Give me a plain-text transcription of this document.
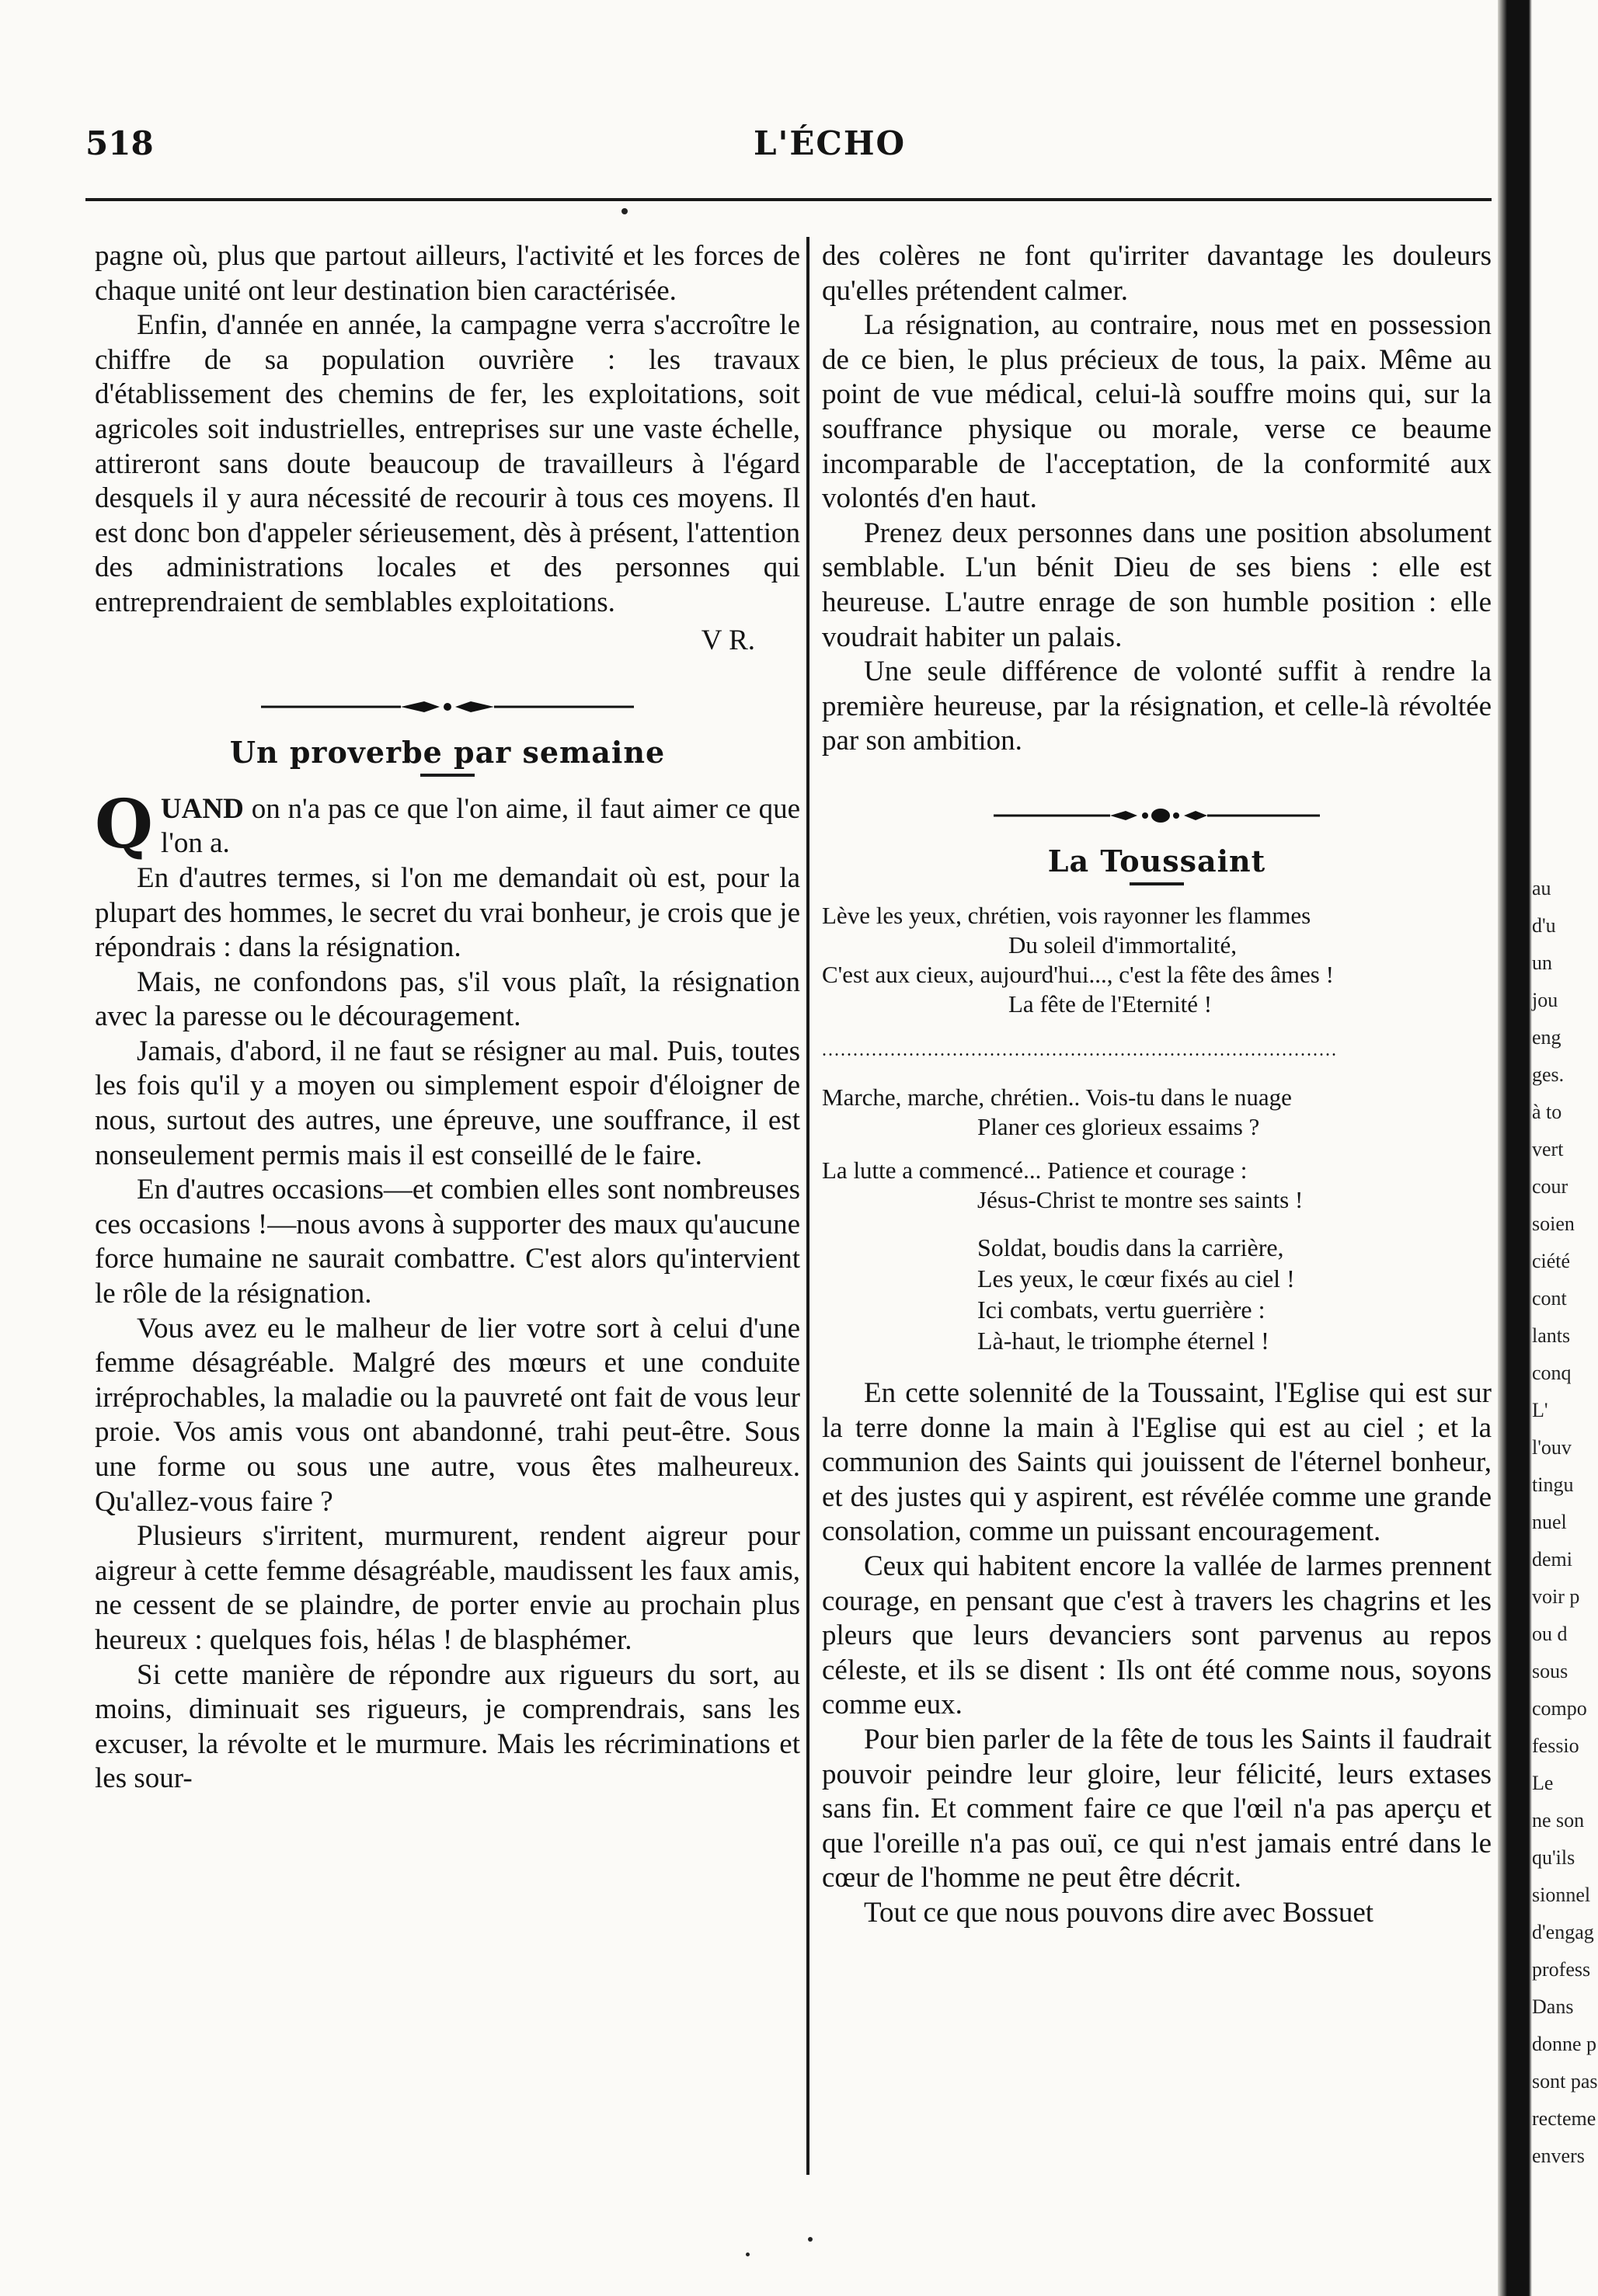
518	L'ÉCHO

pagne où, plus que partout ailleurs, l'activité et les forces de chaque unité ont leur destination bien caractérisée.

Enfin, d'année en année, la campagne verra s'accroître le chiffre de sa population ouvrière : les travaux d'établissement des chemins de fer, les exploitations, soit agricoles soit industrielles, entreprises sur une vaste échelle, attireront sans doute beaucoup de travailleurs à l'égard desquels il y aura nécessité de recourir à tous ces moyens. Il est donc bon d'appeler sérieusement, dès à présent, l'attention des administrations locales et des personnes qui entreprendraient de semblables exploitations.

V R.
Un proverbe par semaine

Q UAND on n'a pas ce que l'on aime, il faut aimer ce que l'on a.

En d'autres termes, si l'on me demandait où est, pour la plupart des hommes, le secret du vrai bonheur, je crois que je répondrais : dans la résignation.

Mais, ne confondons pas, s'il vous plaît, la résignation avec la paresse ou le découragement.

Jamais, d'abord, il ne faut se résigner au mal. Puis, toutes les fois qu'il y a moyen ou simplement espoir d'éloigner de nous, surtout des autres, une épreuve, une souffrance, il est nonseulement permis mais il est conseillé de le faire.

En d'autres occasions—et combien elles sont nombreuses ces occasions !—nous avons à supporter des maux qu'aucune force humaine ne saurait combattre. C'est alors qu'intervient le rôle de la résignation.

Vous avez eu le malheur de lier votre sort à celui d'une femme désagréable. Malgré des mœurs et une conduite irréprochables, la maladie ou la pauvreté ont fait de vous leur proie. Vos amis vous ont abandonné, trahi peut-être. Sous une forme ou sous une autre, vous êtes malheureux. Qu'allez-vous faire ?

Plusieurs s'irritent, murmurent, rendent aigreur pour aigreur à cette femme désagréable, maudissent les faux amis, ne cessent de se plaindre, de porter envie au prochain plus heureux : quelques fois, hélas ! de blasphémer.

Si cette manière de répondre aux rigueurs du sort, au moins, diminuait ses rigueurs, je comprendrais, sans les excuser, la révolte et le murmure. Mais les récriminations et les sour-

des colères ne font qu'irriter davantage les douleurs qu'elles prétendent calmer.

La résignation, au contraire, nous met en possession de ce bien, le plus précieux de tous, la paix. Même au point de vue médical, celui-là souffre moins qui, sur la souffrance physique ou morale, verse ce beaume incomparable de l'acceptation, de la conformité aux volontés d'en haut.

Prenez deux personnes dans une position absolument semblable. L'un bénit Dieu de ses biens : elle est heureuse. L'autre enrage de son humble position : elle voudrait habiter un palais.

Une seule différence de volonté suffit à rendre la première heureuse, par la résignation, et celle-là révoltée par son ambition.

La Toussaint
Lève les yeux, chrétien, vois rayonner les flammes
Du soleil d'immortalité,
C'est aux cieux, aujourd'hui..., c'est la fête des âmes !
La fête de l'Eternité !
...................................................................................
Marche, marche, chrétien.. Vois-tu dans le nuage
Planer ces glorieux essaims ?
La lutte a commencé... Patience et courage :
Jésus-Christ te montre ses saints !
Soldat, boudis dans la carrière,
Les yeux, le cœur fixés au ciel !
Ici combats, vertu guerrière :
Là-haut, le triomphe éternel !

En cette solennité de la Toussaint, l'Eglise qui est sur la terre donne la main à l'Eglise qui est au ciel ; et la communion des Saints qui jouissent de l'éternel bonheur, et des justes qui y aspirent, est révélée comme une grande consolation, comme un puissant encouragement.

Ceux qui habitent encore la vallée de larmes prennent courage, en pensant que c'est à travers les chagrins et les pleurs que leurs devanciers sont parvenus au repos céleste, et ils se disent : Ils ont été comme nous, soyons comme eux.

Pour bien parler de la fête de tous les Saints il faudrait pouvoir peindre leur gloire, leur félicité, leurs extases sans fin. Et comment faire ce que l'œil n'a pas aperçu et que l'oreille n'a pas ouï, ce qui n'est jamais entré dans le cœur de l'homme ne peut être décrit.

Tout ce que nous pouvons dire avec Bossuet

au
d'u
un
jou
eng
ges.
à to
vert
cour
soien
ciété
cont
lants
conq
L'
l'ouv
tingu
nuel
demi
voir p
ou d
sous
compo
fessio
Le
ne son
qu'ils
sionnel
d'engag
profess
Dans
donne p
sont pas
recteme
envers
